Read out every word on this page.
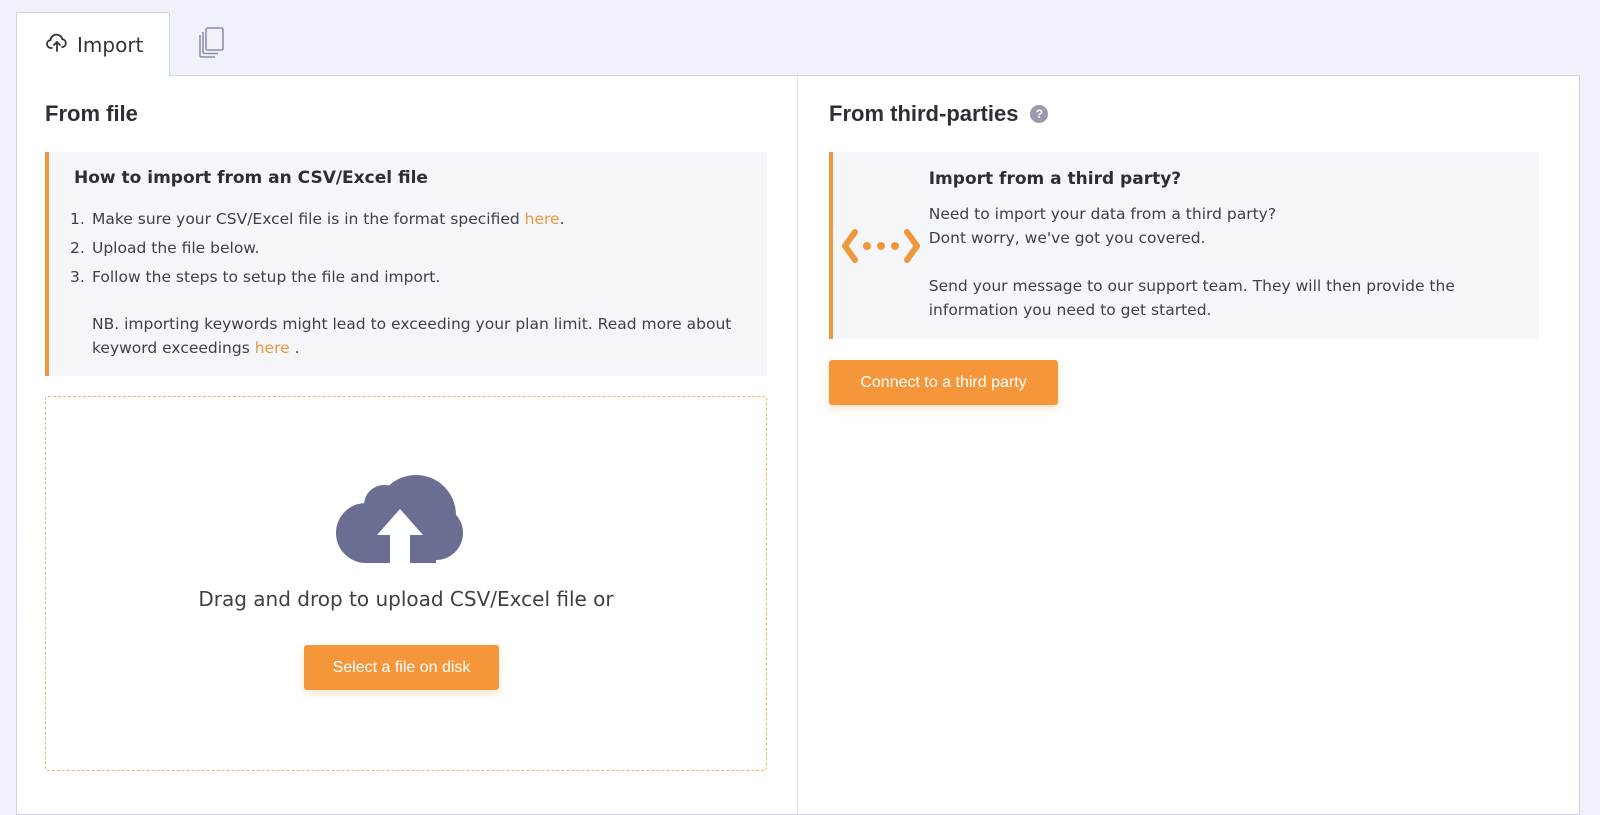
Import
From file
How to import from an CSV/Excel file
1. Make sure your CSV/Excel file is in the format specified here.
2. Upload the file below.
3. Follow the steps to setup the file and import.

NB. importing keywords might lead to exceeding your plan limit. Read more about keyword exceedings here .

Drag and drop to upload CSV/Excel file or
Select a file on disk
From third-parties	?
Import from a third party?
Need to import your data from a third party?
Dont worry, we've got you covered.
Send your message to our support team. They will then provide the information you need to get started.
Connect to a third party
